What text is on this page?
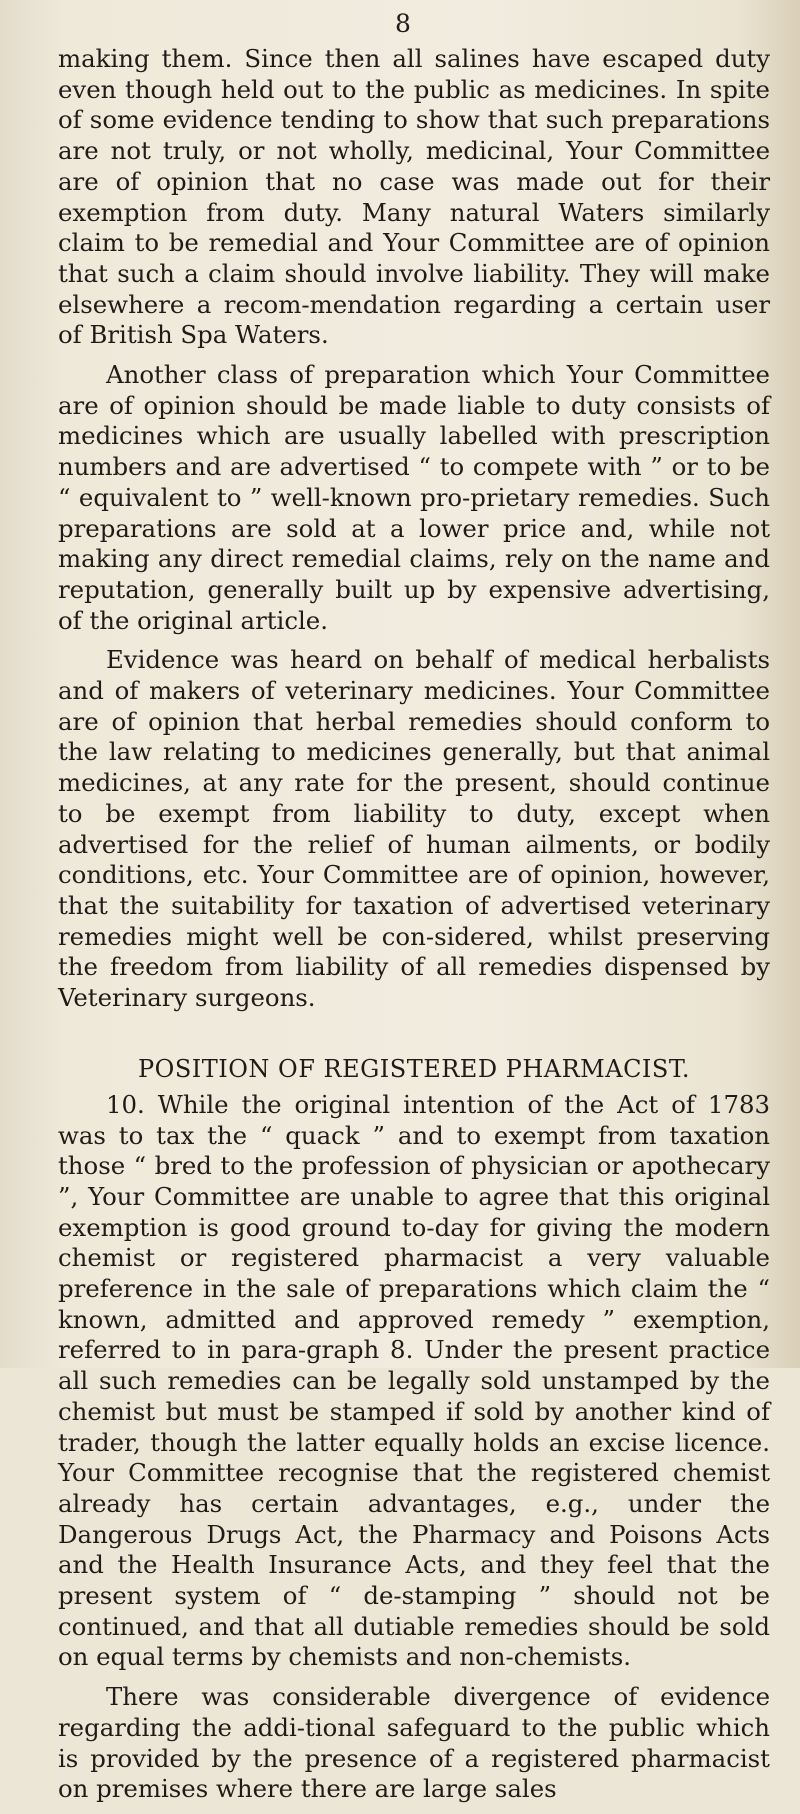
8

making them. Since then all salines have escaped duty even though held out to the public as medicines. In spite of some evidence tending to show that such preparations are not truly, or not wholly, medicinal, Your Committee are of opinion that no case was made out for their exemption from duty. Many natural Waters similarly claim to be remedial and Your Committee are of opinion that such a claim should involve liability. They will make elsewhere a recom-mendation regarding a certain user of British Spa Waters.

Another class of preparation which Your Committee are of opinion should be made liable to duty consists of medicines which are usually labelled with prescription numbers and are advertised “ to compete with ” or to be “ equivalent to ” well-known pro-prietary remedies. Such preparations are sold at a lower price and, while not making any direct remedial claims, rely on the name and reputation, generally built up by expensive advertising, of the original article.

Evidence was heard on behalf of medical herbalists and of makers of veterinary medicines. Your Committee are of opinion that herbal remedies should conform to the law relating to medicines generally, but that animal medicines, at any rate for the present, should continue to be exempt from liability to duty, except when advertised for the relief of human ailments, or bodily conditions, etc. Your Committee are of opinion, however, that the suitability for taxation of advertised veterinary remedies might well be con-sidered, whilst preserving the freedom from liability of all remedies dispensed by Veterinary surgeons.

POSITION OF REGISTERED PHARMACIST.

10. While the original intention of the Act of 1783 was to tax the “ quack ” and to exempt from taxation those “ bred to the profession of physician or apothecary ”, Your Committee are unable to agree that this original exemption is good ground to-day for giving the modern chemist or registered pharmacist a very valuable preference in the sale of preparations which claim the “ known, admitted and approved remedy ” exemption, referred to in para-graph 8. Under the present practice all such remedies can be legally sold unstamped by the chemist but must be stamped if sold by another kind of trader, though the latter equally holds an excise licence. Your Committee recognise that the registered chemist already has certain advantages, e.g., under the Dangerous Drugs Act, the Pharmacy and Poisons Acts and the Health Insurance Acts, and they feel that the present system of “ de-stamping ” should not be continued, and that all dutiable remedies should be sold on equal terms by chemists and non-chemists.

There was considerable divergence of evidence regarding the addi-tional safeguard to the public which is provided by the presence of a registered pharmacist on premises where there are large sales
